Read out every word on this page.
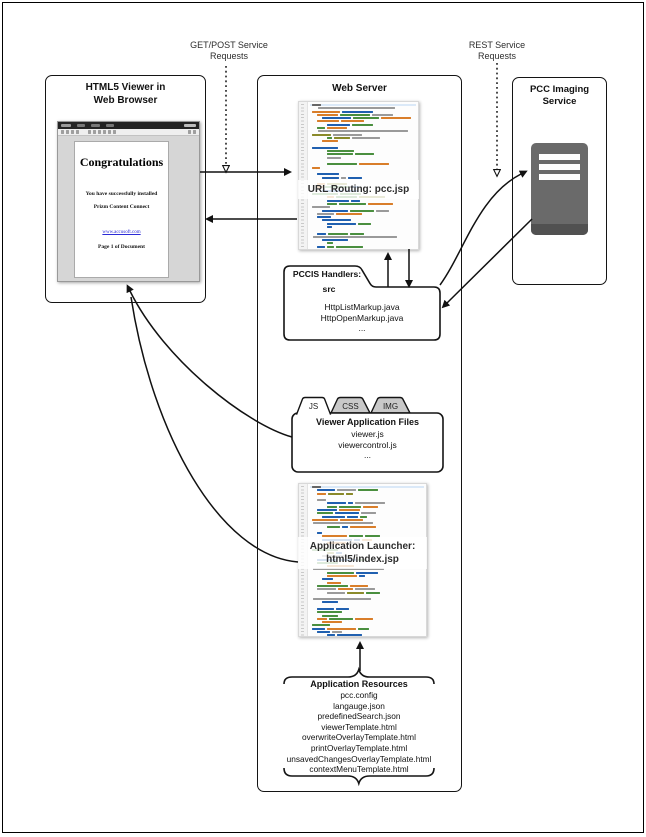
GET/POST Service
Requests
REST Service
Requests
HTML5 Viewer in
Web Browser
Congratulations
You have successfully installed
Prizm Content Connect
www.accusoft.com
Page 1 of Document
Web Server
URL Routing: pcc.jsp
Application Launcher:
html5/index.jsp
PCCIS Handlers:
src
HttpListMarkup.java
HttpOpenMarkup.java
...
JS	CSS	IMG
Viewer Application Files
viewer.js
viewercontrol.js
...
Application Resources
pcc.config
langauge.json
predefinedSearch.json
viewerTemplate.html
overwriteOverlayTemplate.html
printOverlayTemplate.html
unsavedChangesOverlayTemplate.html
contextMenuTemplate.html
PCC Imaging
Service
